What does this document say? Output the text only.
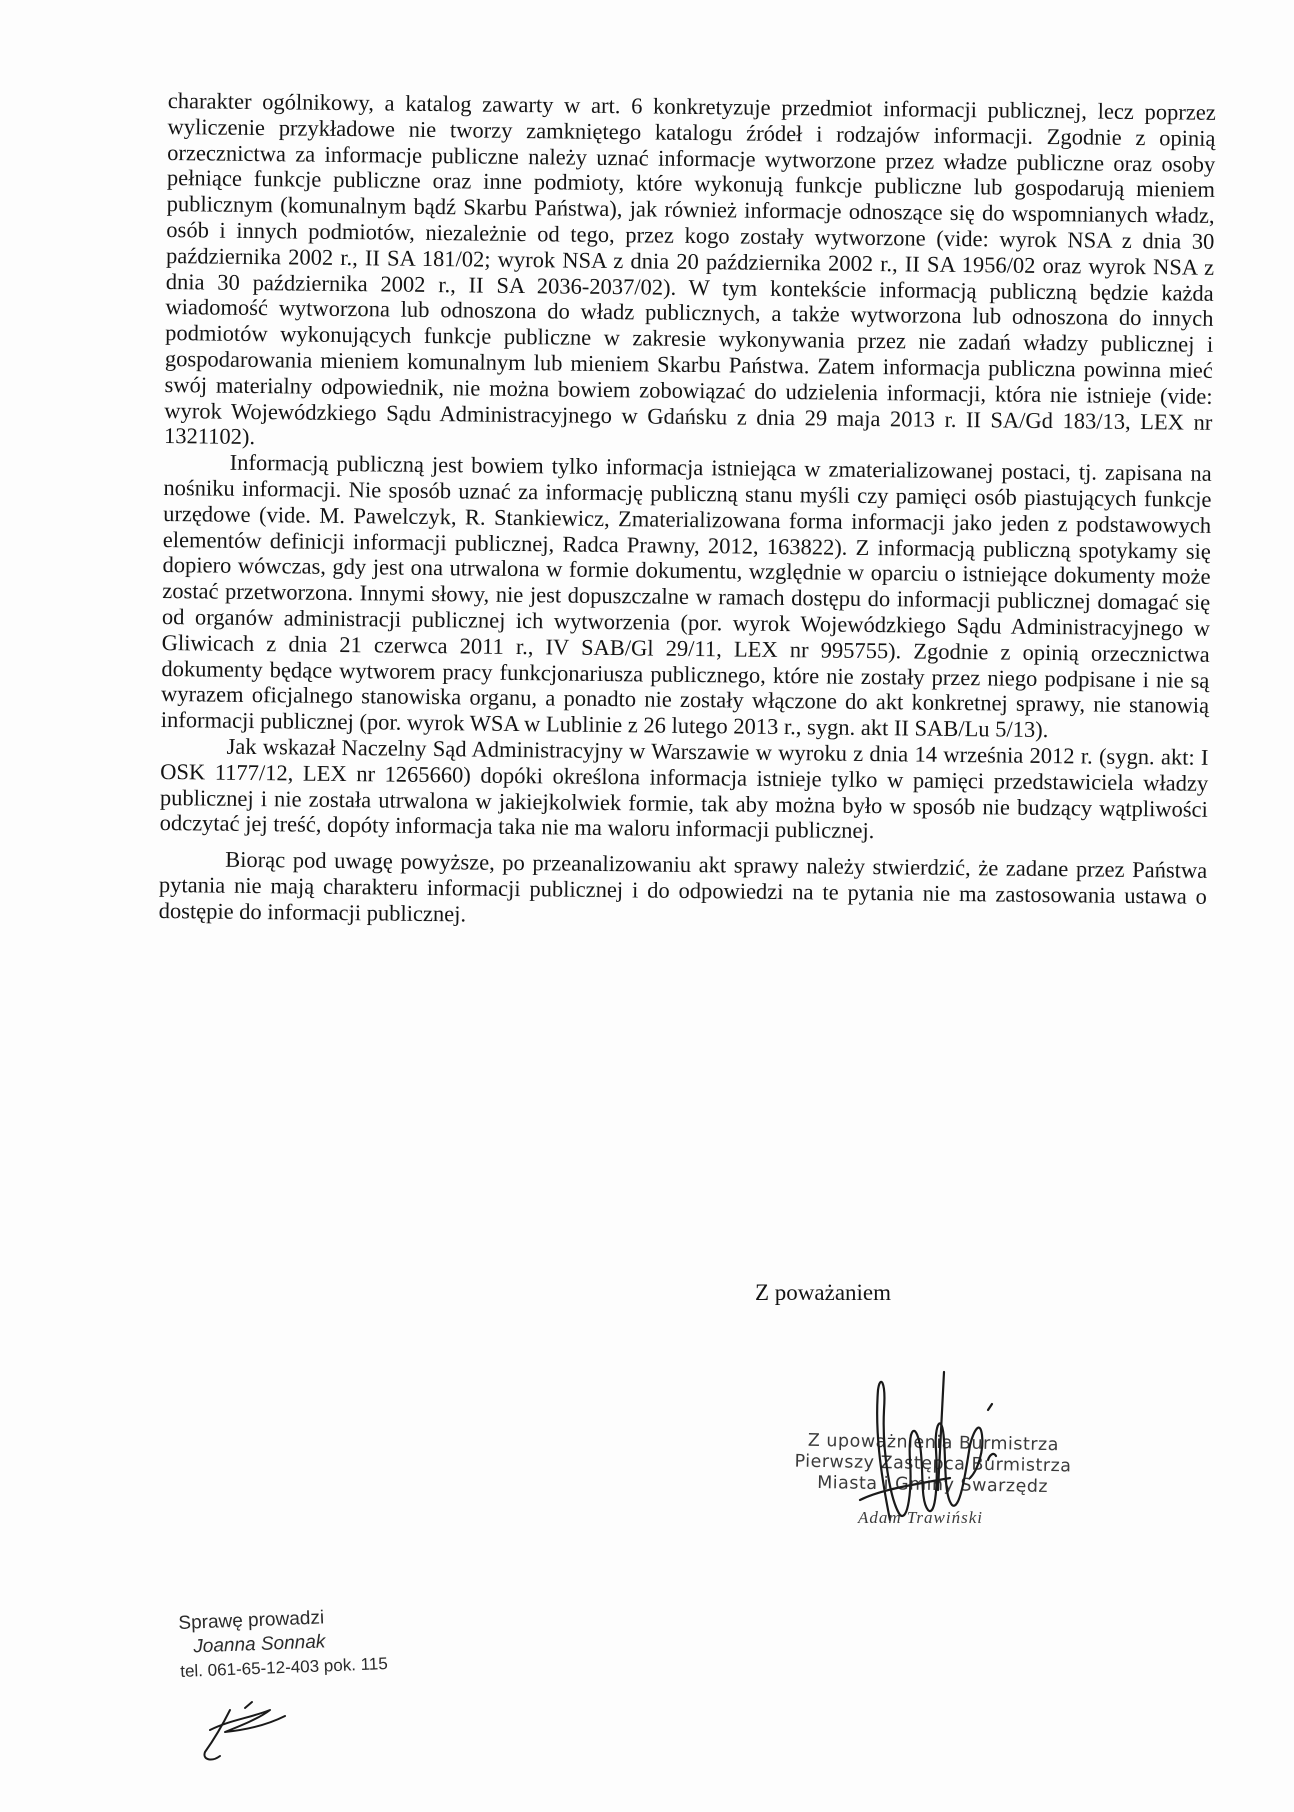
charakter ogólnikowy, a katalog zawarty w art. 6 konkretyzuje przedmiot informacji publicznej, lecz poprzez wyliczenie przykładowe nie tworzy zamkniętego katalogu źródeł i rodzajów informacji. Zgodnie z opinią orzecznictwa za informacje publiczne należy uznać informacje wytworzone przez władze publiczne oraz osoby pełniące funkcje publiczne oraz inne podmioty, które wykonują funkcje publiczne lub gospodarują mieniem publicznym (komunalnym bądź Skarbu Państwa), jak również informacje odnoszące się do wspomnianych władz, osób i innych podmiotów, niezależnie od tego, przez kogo zostały wytworzone (vide: wyrok NSA z dnia 30 października 2002 r., II SA 181/02; wyrok NSA z dnia 20 października 2002 r., II SA 1956/02 oraz wyrok NSA z dnia 30 października 2002 r., II SA 2036-2037/02). W tym kontekście informacją publiczną będzie każda wiadomość wytworzona lub odnoszona do władz publicznych, a także wytworzona lub odnoszona do innych podmiotów wykonujących funkcje publiczne w zakresie wykonywania przez nie zadań władzy publicznej i gospodarowania mieniem komunalnym lub mieniem Skarbu Państwa. Zatem informacja publiczna powinna mieć swój materialny odpowiednik, nie można bowiem zobowiązać do udzielenia informacji, która nie istnieje (vide: wyrok Wojewódzkiego Sądu Administracyjnego w Gdańsku z dnia 29 maja 2013 r. II SA/Gd 183/13, LEX nr 1321102).

Informacją publiczną jest bowiem tylko informacja istniejąca w zmaterializowanej postaci, tj. zapisana na nośniku informacji. Nie sposób uznać za informację publiczną stanu myśli czy pamięci osób piastujących funkcje urzędowe (vide. M. Pawelczyk, R. Stankiewicz, Zmaterializowana forma informacji jako jeden z podstawowych elementów definicji informacji publicznej, Radca Prawny, 2012, 163822). Z informacją publiczną spotykamy się dopiero wówczas, gdy jest ona utrwalona w formie dokumentu, względnie w oparciu o istniejące dokumenty może zostać przetworzona. Innymi słowy, nie jest dopuszczalne w ramach dostępu do informacji publicznej domagać się od organów administracji publicznej ich wytworzenia (por. wyrok Wojewódzkiego Sądu Administracyjnego w Gliwicach z dnia 21 czerwca 2011 r., IV SAB/Gl 29/11, LEX nr 995755). Zgodnie z opinią orzecznictwa dokumenty będące wytworem pracy funkcjonariusza publicznego, które nie zostały przez niego podpisane i nie są wyrazem oficjalnego stanowiska organu, a ponadto nie zostały włączone do akt konkretnej sprawy, nie stanowią informacji publicznej (por. wyrok WSA w Lublinie z 26 lutego 2013 r., sygn. akt II SAB/Lu 5/13).

Jak wskazał Naczelny Sąd Administracyjny w Warszawie w wyroku z dnia 14 września 2012 r. (sygn. akt: I OSK 1177/12, LEX nr 1265660) dopóki określona informacja istnieje tylko w pamięci przedstawiciela władzy publicznej i nie została utrwalona w jakiejkolwiek formie, tak aby można było w sposób nie budzący wątpliwości odczytać jej treść, dopóty informacja taka nie ma waloru informacji publicznej.

Biorąc pod uwagę powyższe, po przeanalizowaniu akt sprawy należy stwierdzić, że zadane przez Państwa pytania nie mają charakteru informacji publicznej i do odpowiedzi na te pytania nie ma zastosowania ustawa o dostępie do informacji publicznej.

Z poważaniem
Z upoważnienia Burmistrza
Pierwszy Zastępca Burmistrza
Miasta i Gminy Swarzędz
Adam Trawiński
Sprawę prowadzi
Joanna Sonnak
tel. 061-65-12-403 pok. 115
